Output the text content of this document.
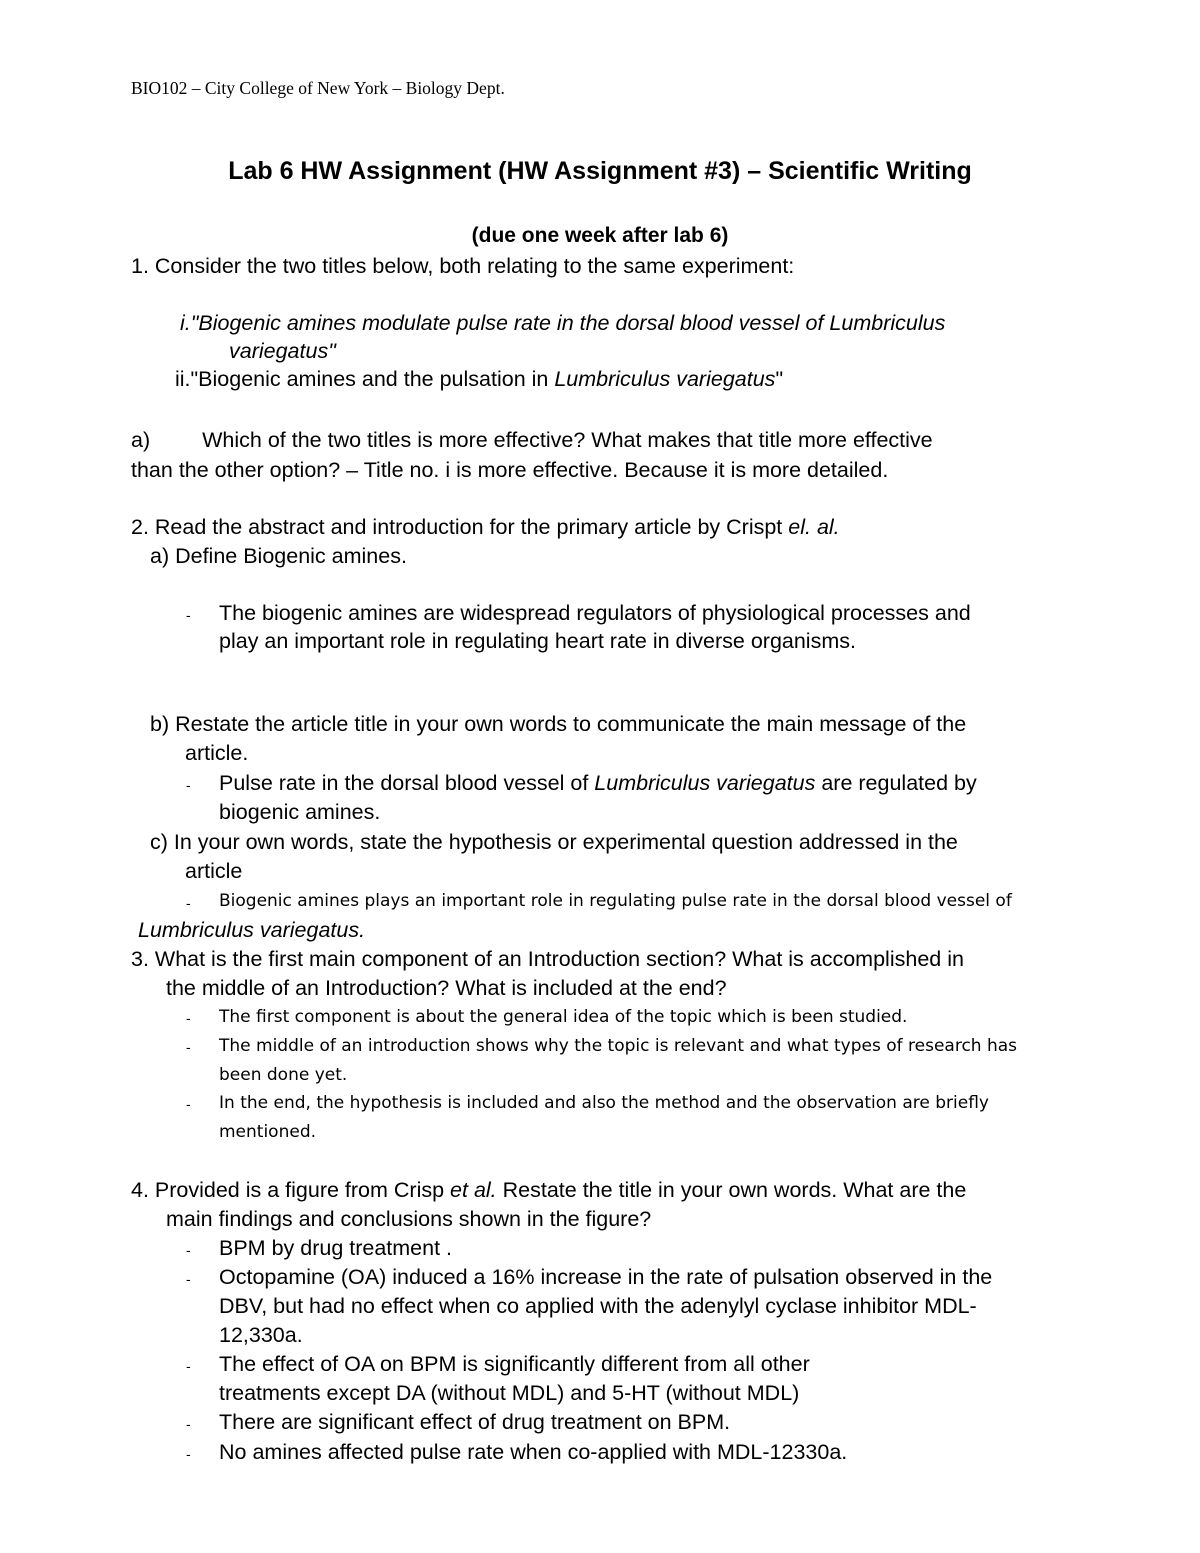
BIO102 – City College of New York – Biology Dept.
Lab 6 HW Assignment (HW Assignment #3) – Scientific Writing
(due one week after lab 6)
1. Consider the two titles below, both relating to the same experiment:
i."Biogenic amines modulate pulse rate in the dorsal blood vessel of Lumbriculus
variegatus"
ii."Biogenic amines and the pulsation in Lumbriculus variegatus"
a) Which of the two titles is more effective? What makes that title more effective
than the other option? – Title no. i is more effective. Because it is more detailed.
2. Read the abstract and introduction for the primary article by Crispt el. al.
a) Define Biogenic amines.
- The biogenic amines are widespread regulators of physiological processes and
play an important role in regulating heart rate in diverse organisms.
b) Restate the article title in your own words to communicate the main message of the
article.
- Pulse rate in the dorsal blood vessel of Lumbriculus variegatus are regulated by
biogenic amines.
c) In your own words, state the hypothesis or experimental question addressed in the
article
- Biogenic amines plays an important role in regulating pulse rate in the dorsal blood vessel of
Lumbriculus variegatus.
3. What is the first main component of an Introduction section? What is accomplished in
the middle of an Introduction? What is included at the end?
- The first component is about the general idea of the topic which is been studied.
- The middle of an introduction shows why the topic is relevant and what types of research has
been done yet.
- In the end, the hypothesis is included and also the method and the observation are briefly
mentioned.
4. Provided is a figure from Crisp et al. Restate the title in your own words. What are the
main findings and conclusions shown in the figure?
- BPM by drug treatment .
- Octopamine (OA) induced a 16% increase in the rate of pulsation observed in the
DBV, but had no effect when co applied with the adenylyl cyclase inhibitor MDL-
12,330a.
- The effect of OA on BPM is significantly different from all other
treatments except DA (without MDL) and 5-HT (without MDL)
- There are significant effect of drug treatment on BPM.
- No amines affected pulse rate when co-applied with MDL-12330a.
